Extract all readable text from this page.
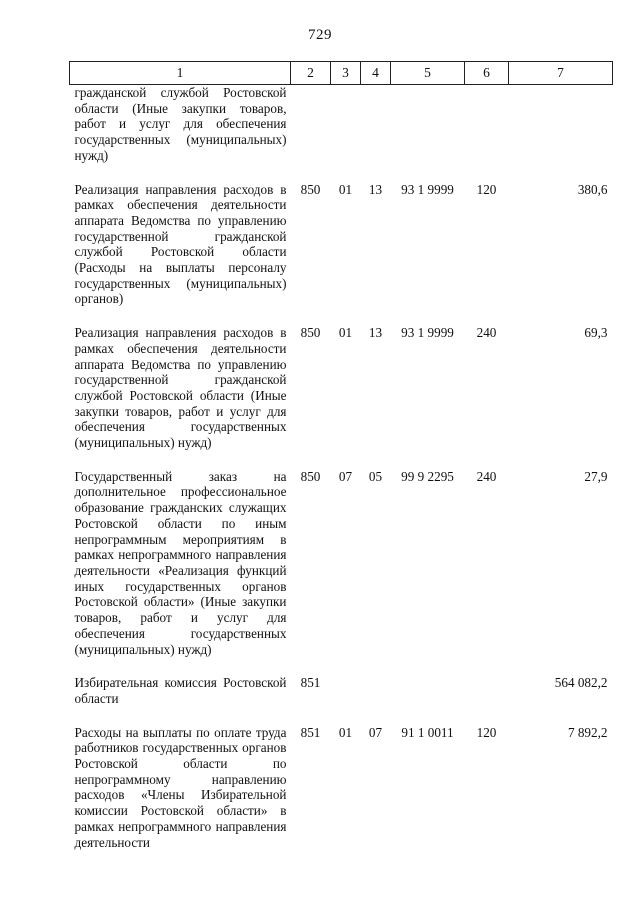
729
1	2	3	4	5	6	7
гражданской службой Ростовской области (Иные закупки товаров, работ и услуг для обеспечения государственных (муниципальных) нужд)						
Реализация направления расходов в рамках обеспечения деятельности аппарата Ведомства по управлению государственной гражданской службой Ростовской области (Расходы на выплаты персоналу государственных (муниципальных) органов)	850	01	13	93 1 9999	120	380,6
Реализация направления расходов в рамках обеспечения деятельности аппарата Ведомства по управлению государственной гражданской службой Ростовской области (Иные закупки товаров, работ и услуг для обеспечения государственных (муниципальных) нужд)	850	01	13	93 1 9999	240	69,3
Государственный заказ на дополнительное профессиональное образование гражданских служащих Ростовской области по иным непрограммным мероприятиям в рамках непрограммного направления деятельности «Реализация функций иных государственных органов Ростовской области» (Иные закупки товаров, работ и услуг для обеспечения государственных (муниципальных) нужд)	850	07	05	99 9 2295	240	27,9
Избирательная комиссия Ростовской области	851					564 082,2
Расходы на выплаты по оплате труда работников государственных органов Ростовской области по непрограммному направлению расходов «Члены Избирательной комиссии Ростовской области» в рамках непрограммного направления деятельности	851	01	07	91 1 0011	120	7 892,2
